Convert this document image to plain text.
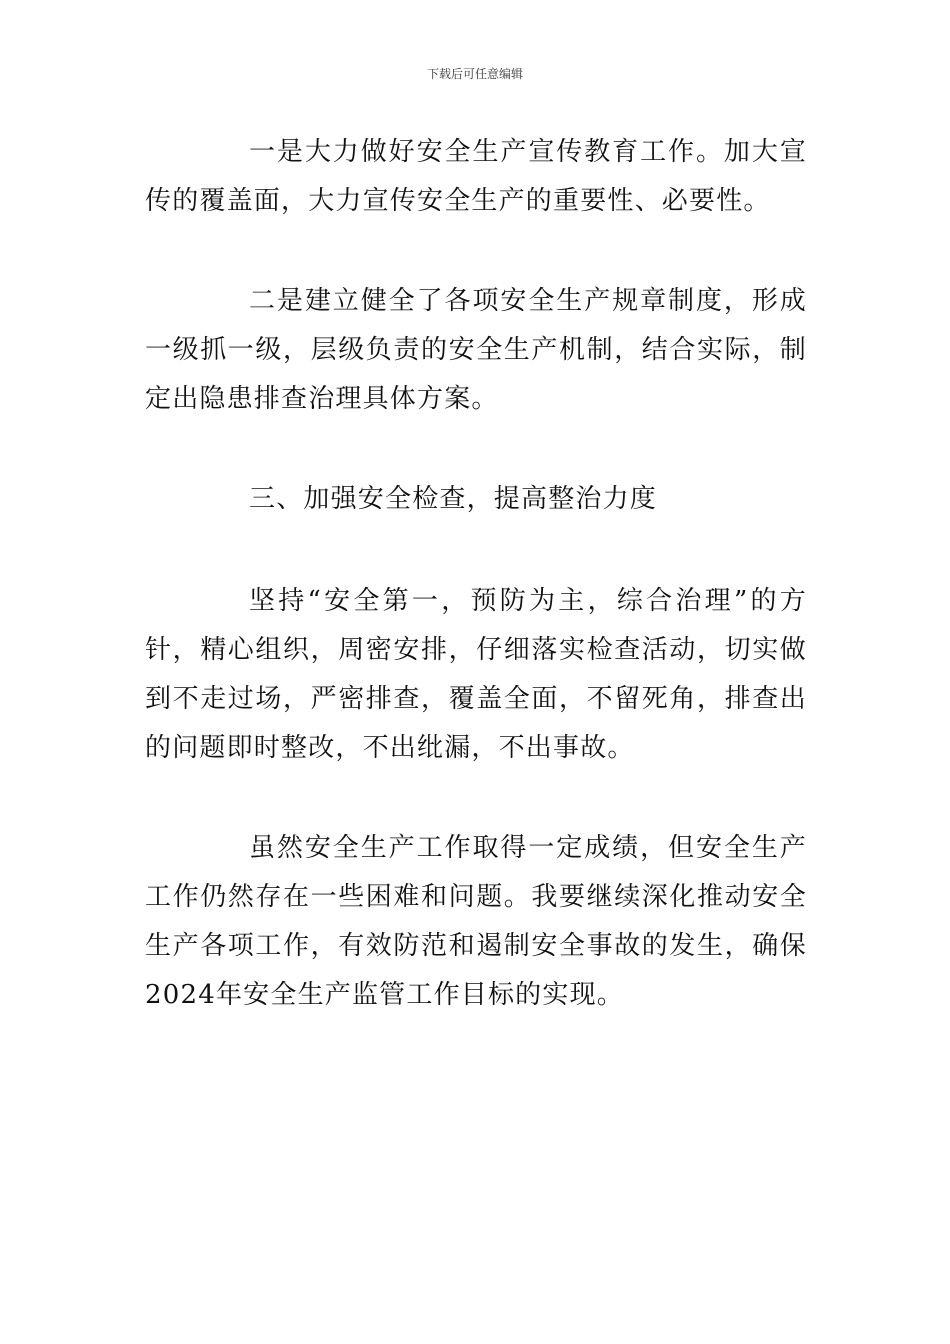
下载后可任意编辑

一是大力做好安全生产宣传教育工作。加大宣传的覆盖面，大力宣传安全生产的重要性、必要性。

二是建立健全了各项安全生产规章制度，形成一级抓一级，层级负责的安全生产机制，结合实际，制定出隐患排查治理具体方案。

三、加强安全检查，提高整治力度

坚持“安全第一，预防为主，综合治理”的方针，精心组织，周密安排，仔细落实检查活动，切实做到不走过场，严密排查，覆盖全面，不留死角，排查出的问题即时整改，不出纰漏，不出事故。

虽然安全生产工作取得一定成绩，但安全生产工作仍然存在一些困难和问题。我要继续深化推动安全生产各项工作，有效防范和遏制安全事故的发生，确保2024年安全生产监管工作目标的实现。
